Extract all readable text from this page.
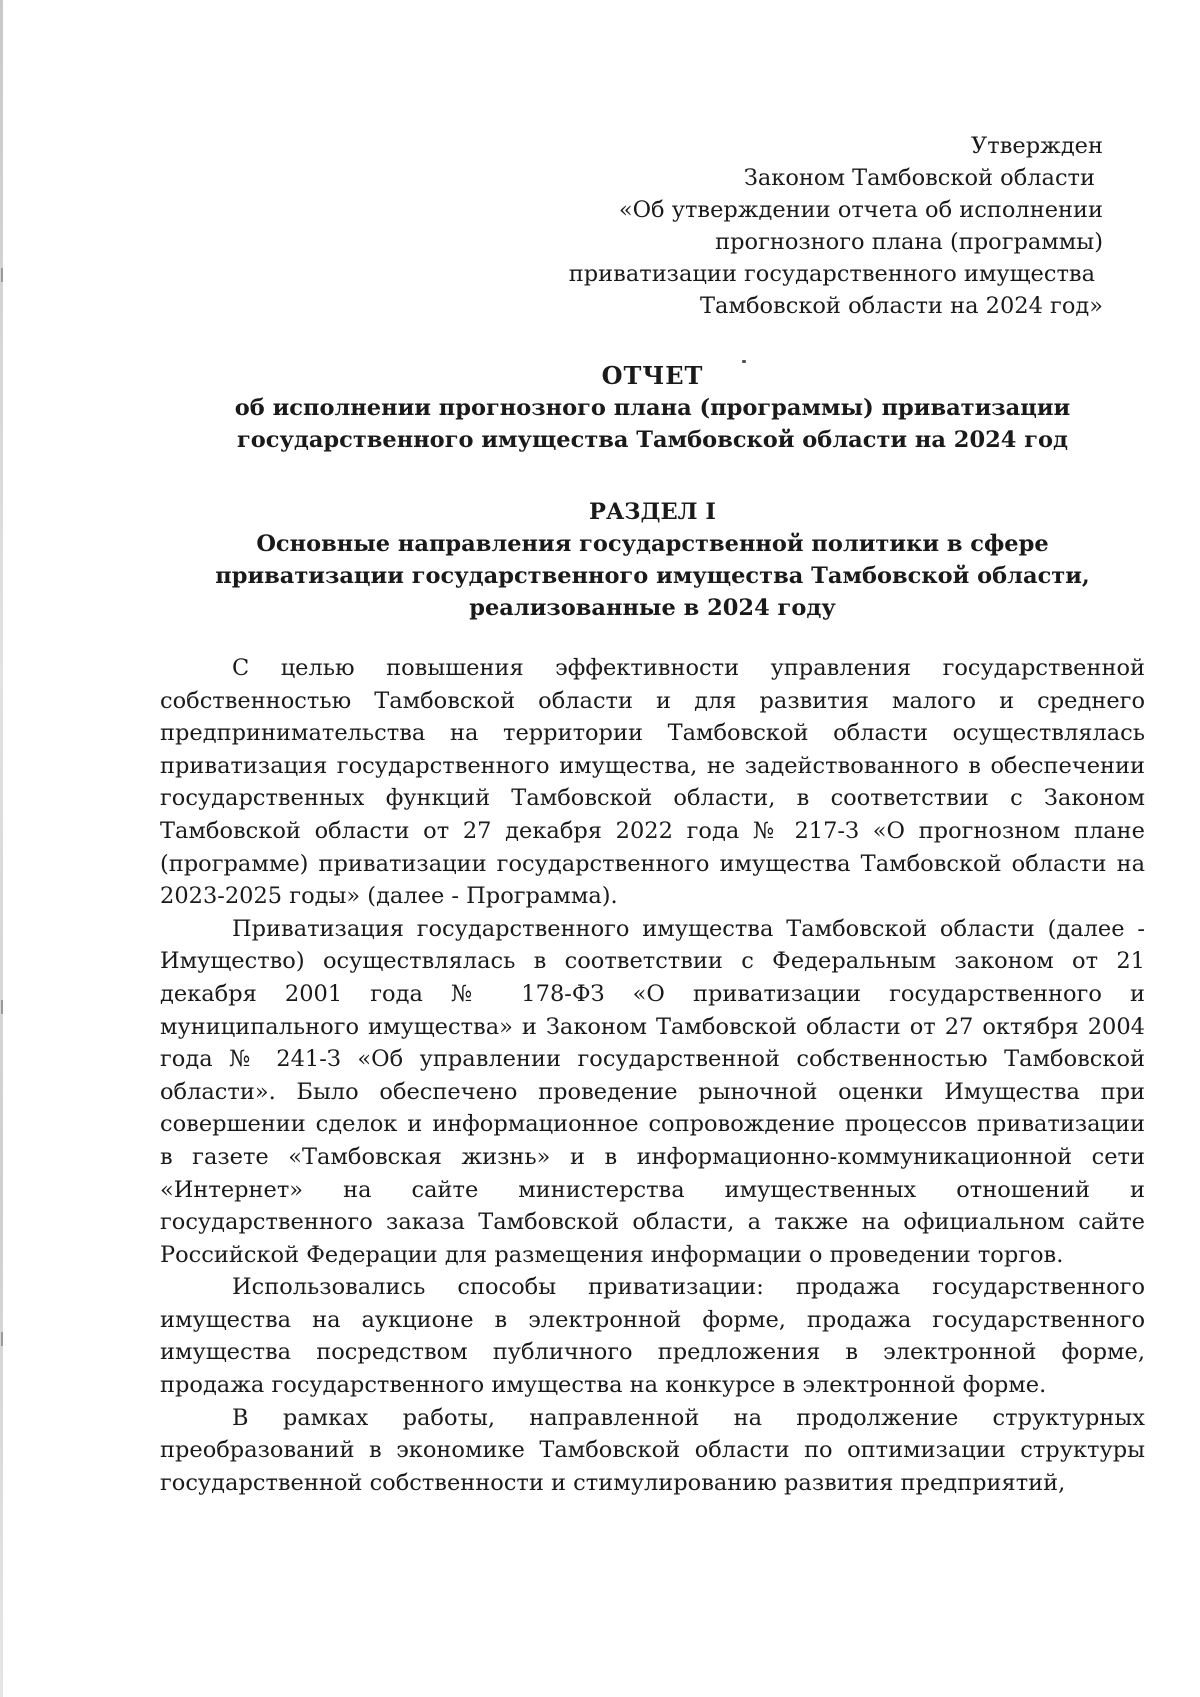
Утвержден
Законом Тамбовской области
«Об утверждении отчета об исполнении
прогнозного плана (программы)
приватизации государственного имущества
Тамбовской области на 2024 год»
ОТЧЕТ
об исполнении прогнозного плана (программы) приватизации
государственного имущества Тамбовской области на 2024 год
РАЗДЕЛ I
Основные направления государственной политики в сфере
приватизации государственного имущества Тамбовской области,
реализованные в 2024 году

С целью повышения эффективности управления государственной собственностью Тамбовской области и для развития малого и среднего предпринимательства на территории Тамбовской области осуществлялась приватизация государственного имущества, не задействованного в обеспечении государственных функций Тамбовской области, в соответствии с Законом Тамбовской области от 27 декабря 2022 года № 217-З «О прогнозном плане (программе) приватизации государственного имущества Тамбовской области на 2023-2025 годы» (далее - Программа).

Приватизация государственного имущества Тамбовской области (далее - Имущество) осуществлялась в соответствии с Федеральным законом от 21 декабря 2001 года № 178-ФЗ «О приватизации государственного и муниципального имущества» и Законом Тамбовской области от 27 октября 2004 года № 241-З «Об управлении государственной собственностью Тамбовской области». Было обеспечено проведение рыночной оценки Имущества при совершении сделок и информационное сопровождение процессов приватизации в газете «Тамбовская жизнь» и в информационно-коммуникационной сети «Интернет» на сайте министерства имущественных отношений и государственного заказа Тамбовской области, а также на официальном сайте Российской Федерации для размещения информации о проведении торгов.

Использовались способы приватизации: продажа государственного имущества на аукционе в электронной форме, продажа государственного имущества посредством публичного предложения в электронной форме, продажа государственного имущества на конкурсе в электронной форме.

В рамках работы, направленной на продолжение структурных преобразований в экономике Тамбовской области по оптимизации структуры государственной собственности и стимулированию развития предприятий,
